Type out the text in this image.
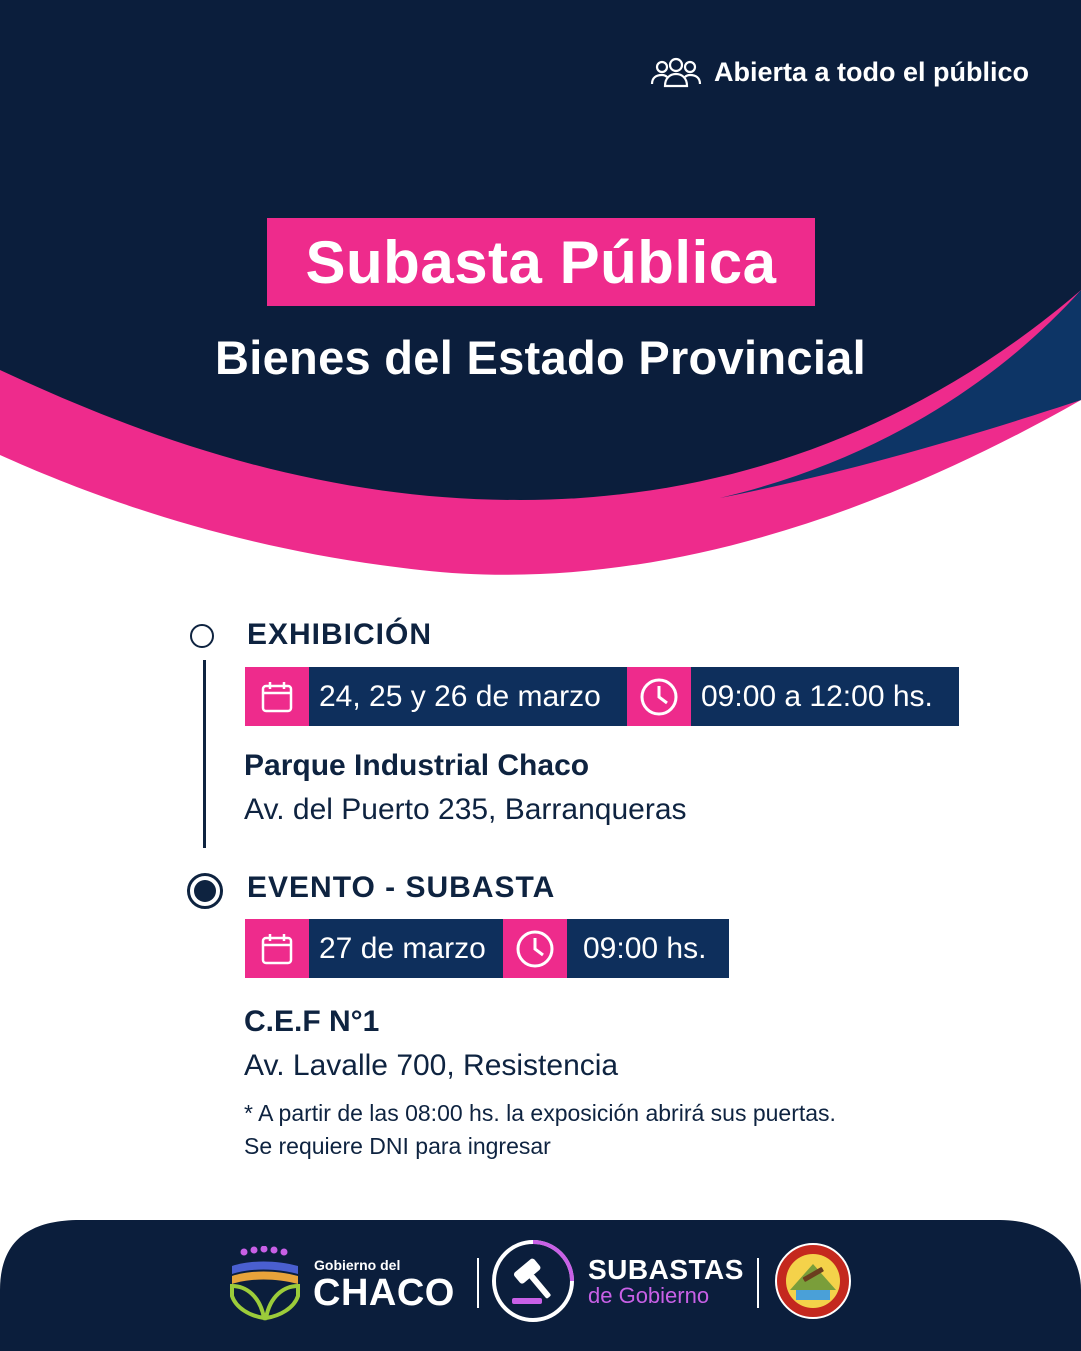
Abierta a todo el público
Subasta Pública
Bienes del Estado Provincial
EXHIBICIÓN
24, 25 y 26 de marzo	09:00 a 12:00 hs.
Parque Industrial Chaco
Av. del Puerto 235, Barranqueras
EVENTO - SUBASTA
27 de marzo	09:00 hs.
C.E.F N°1
Av. Lavalle 700, Resistencia
* A partir de las 08:00 hs. la exposición abrirá sus puertas. Se requiere DNI para ingresar
Gobierno del
CHACO
SUBASTAS
de Gobierno
